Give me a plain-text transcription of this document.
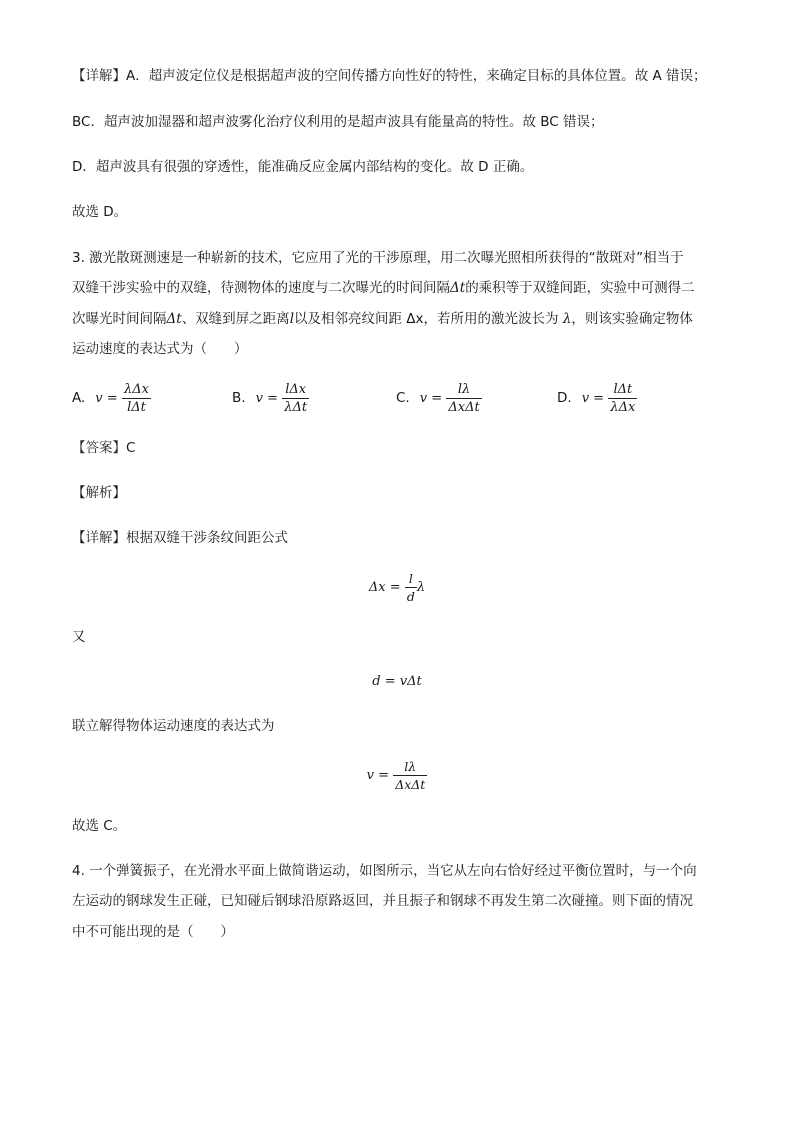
【详解】A．超声波定位仪是根据超声波的空间传播方向性好的特性，来确定目标的具体位置。故 A 错误；
BC．超声波加湿器和超声波雾化治疗仪利用的是超声波具有能量高的特性。故 BC 错误；
D．超声波具有很强的穿透性，能准确反应金属内部结构的变化。故 D 正确。
故选 D。
3. 激光散斑测速是一种崭新的技术，它应用了光的干涉原理，用二次曝光照相所获得的“散斑对”相当于
双缝干涉实验中的双缝，待测物体的速度与二次曝光的时间间隔Δt的乘积等于双缝间距，实验中可测得二
次曝光时间间隔Δt、双缝到屏之距离l以及相邻亮纹间距 Δx，若所用的激光波长为 λ，则该实验确定物体
运动速度的表达式为（　　）
A. v =
$\frac{\text{λΔx}}{\text{lΔt}}$	B. v =
$\frac{\text{lΔx}}{\text{λΔt}}$	C. v =
$\frac{l\lambda}{\text{ΔxΔt}}$	D. v =
$\frac{\text{lΔt}}{\text{λΔx}}$
【答案】C
【解析】
【详解】根据双缝干涉条纹间距公式
Δx =
$\frac{l}{d}$ λ
又
d = vΔt
联立解得物体运动速度的表达式为
v =
$\frac{l\lambda}{\text{ΔxΔt}}$
故选 C。
4. 一个弹簧振子，在光滑水平面上做简谐运动，如图所示，当它从左向右恰好经过平衡位置时，与一个向
左运动的钢球发生正碰，已知碰后钢球沿原路返回，并且振子和钢球不再发生第二次碰撞。则下面的情况
中不可能出现的是（　　）
